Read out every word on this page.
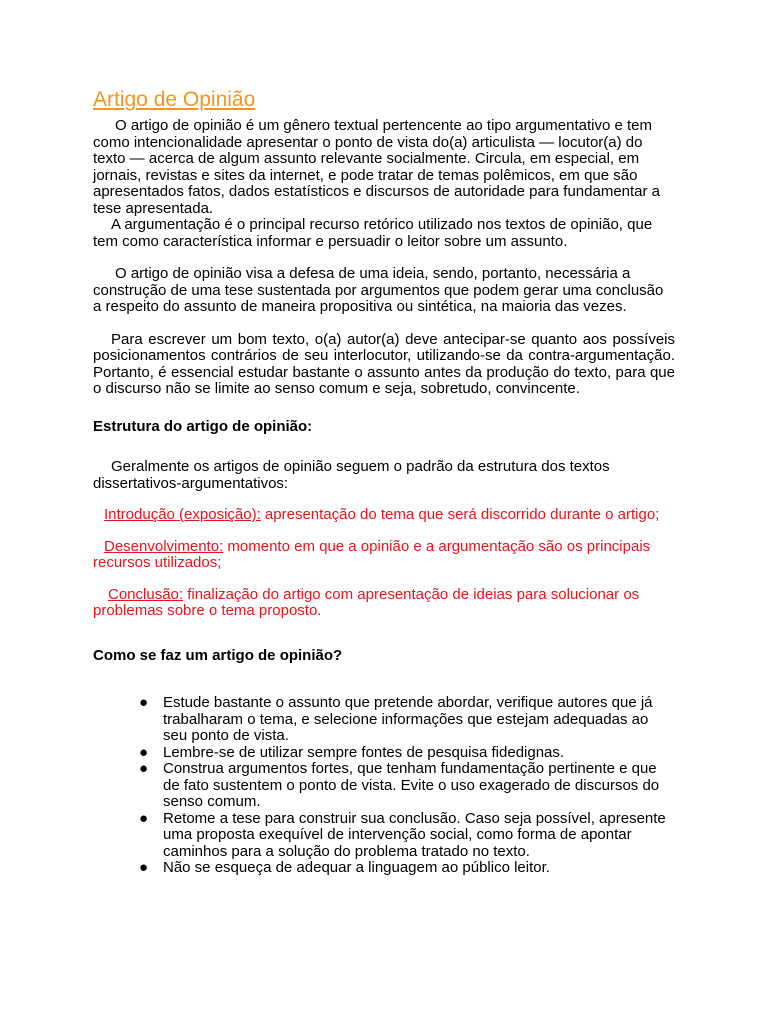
Artigo de Opinião

O artigo de opinião é um gênero textual pertencente ao tipo argumentativo e tem como intencionalidade apresentar o ponto de vista do(a) articulista — locutor(a) do texto — acerca de algum assunto relevante socialmente. Circula, em especial, em jornais, revistas e sites da internet, e pode tratar de temas polêmicos, em que são apresentados fatos, dados estatísticos e discursos de autoridade para fundamentar a tese apresentada.

A argumentação é o principal recurso retórico utilizado nos textos de opinião, que tem como característica informar e persuadir o leitor sobre um assunto.

O artigo de opinião visa a defesa de uma ideia, sendo, portanto, necessária a construção de uma tese sustentada por argumentos que podem gerar uma conclusão a respeito do assunto de maneira propositiva ou sintética, na maioria das vezes.

Para escrever um bom texto, o(a) autor(a) deve antecipar-se quanto aos possíveis posicionamentos contrários de seu interlocutor, utilizando-se da contra-argumentação. Portanto, é essencial estudar bastante o assunto antes da produção do texto, para que o discurso não se limite ao senso comum e seja, sobretudo, convincente.

Estrutura do artigo de opinião:

Geralmente os artigos de opinião seguem o padrão da estrutura dos textos dissertativos-argumentativos:

Introdução (exposição): apresentação do tema que será discorrido durante o artigo;

Desenvolvimento: momento em que a opinião e a argumentação são os principais recursos utilizados;

Conclusão: finalização do artigo com apresentação de ideias para solucionar os problemas sobre o tema proposto.

Como se faz um artigo de opinião?

● Estude bastante o assunto que pretende abordar, verifique autores que já trabalharam o tema, e selecione informações que estejam adequadas ao seu ponto de vista.
● Lembre-se de utilizar sempre fontes de pesquisa fidedignas.
● Construa argumentos fortes, que tenham fundamentação pertinente e que de fato sustentem o ponto de vista. Evite o uso exagerado de discursos do senso comum.
● Retome a tese para construir sua conclusão. Caso seja possível, apresente uma proposta exequível de intervenção social, como forma de apontar caminhos para a solução do problema tratado no texto.
● Não se esqueça de adequar a linguagem ao público leitor.
